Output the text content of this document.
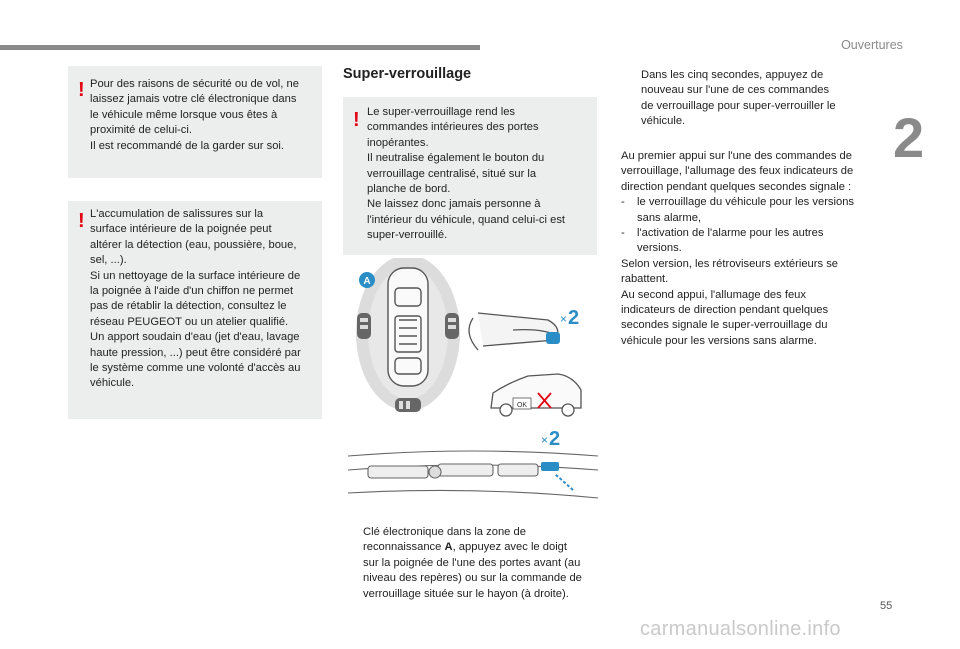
Ouvertures
2
! Pour des raisons de sécurité ou de vol, ne

laissez jamais votre clé électronique dans

le véhicule même lorsque vous êtes à

proximité de celui-ci.

Il est recommandé de la garder sur soi.

! L'accumulation de salissures sur la

surface intérieure de la poignée peut

altérer la détection (eau, poussière, boue,

sel, ...).

Si un nettoyage de la surface intérieure de

la poignée à l'aide d'un chiffon ne permet

pas de rétablir la détection, consultez le

réseau PEUGEOT ou un atelier qualifié.

Un apport soudain d'eau (jet d'eau, lavage

haute pression, ...) peut être considéré par

le système comme une volonté d'accès au

véhicule.

Super-verrouillage
! Le super-verrouillage rend les

commandes intérieures des portes

inopérantes.

Il neutralise également le bouton du

verrouillage centralisé, situé sur la

planche de bord.

Ne laissez donc jamais personne à

l'intérieur du véhicule, quand celui-ci est

super-verrouillé.

A
× 2
OK
× 2

Clé électronique dans la zone de

reconnaissance A, appuyez avec le doigt

sur la poignée de l'une des portes avant (au

niveau des repères) ou sur la commande de

verrouillage située sur le hayon (à droite).

Dans les cinq secondes, appuyez de

nouveau sur l'une de ces commandes

de verrouillage pour super-verrouiller le

véhicule.

Au premier appui sur l'une des commandes de

verrouillage, l'allumage des feux indicateurs de

direction pendant quelques secondes signale :

-	le verrouillage du véhicule pour les versions

sans alarme,

-	l'activation de l'alarme pour les autres

versions.

Selon version, les rétroviseurs extérieurs se

rabattent.

Au second appui, l'allumage des feux

indicateurs de direction pendant quelques

secondes signale le super-verrouillage du

véhicule pour les versions sans alarme.

55
carmanualsonline.info
